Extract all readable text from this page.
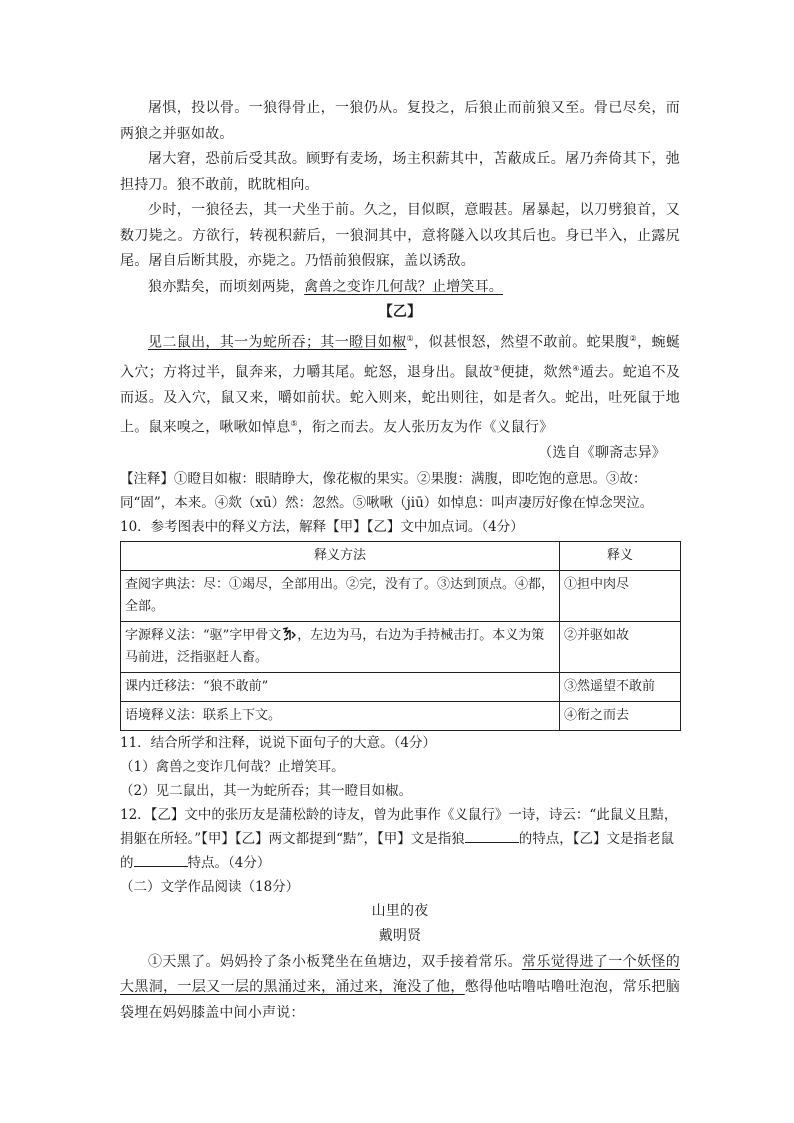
屠惧，投以骨。一狼得骨止，一狼仍从。复投之，后狼止而前狼又至。骨已尽矣，而两狼之并驱如故。

屠大窘，恐前后受其敌。顾野有麦场，场主积薪其中，苫蔽成丘。屠乃奔倚其下，弛担持刀。狼不敢前，眈眈相向。

少时，一狼径去，其一犬坐于前。久之，目似瞑，意暇甚。屠暴起，以刀劈狼首，又数刀毙之。方欲行，转视积薪后，一狼洞其中，意将隧入以攻其后也。身已半入，止露尻尾。屠自后断其股，亦毙之。乃悟前狼假寐，盖以诱敌。

狼亦黠矣，而顷刻两毙，禽兽之变诈几何哉？止增笑耳。

【乙】

见二鼠出，其一为蛇所吞；其一瞪目如椒①，似甚恨怒，然望不敢前。蛇果腹②，蜿蜒入穴；方将过半，鼠奔来，力嚼其尾。蛇怒，退身出。鼠故③便捷，欻然④遁去。蛇追不及而返。及入穴，鼠又来，嚼如前状。蛇入则来，蛇出则往，如是者久。蛇出，吐死鼠于地上。鼠来嗅之，啾啾如悼息⑤，衔之而去。友人张历友为作《义鼠行》

（选自《聊斋志异》

【注释】①瞪目如椒：眼睛睁大，像花椒的果实。②果腹：满腹，即吃饱的意思。③故：同“固”，本来。④欻（xū）然：忽然。⑤啾啾（jiū）如悼息：叫声凄厉好像在悼念哭泣。

10．参考图表中的释义方法，解释【甲】【乙】文中加点词。（4分）

释义方法	释义
查阅字典法：尽：①竭尽，全部用出。②完，没有了。③达到顶点。④都，全部。	①担中肉尽
字源释义法：“驱”字甲骨文 ，左边为马，右边为手持械击打。本义为策马前进，泛指驱赶人畜。	②并驱如故
课内迁移法：“狼不敢前”	③然遥望不敢前
语境释义法：联系上下文。	④衔之而去

11．结合所学和注释，说说下面句子的大意。（4分）

（1）禽兽之变诈几何哉？止增笑耳。

（2）见二鼠出，其一为蛇所吞；其一瞪目如椒。

12．【乙】文中的张历友是蒲松龄的诗友，曾为此事作《义鼠行》一诗，诗云：“此鼠义且黠，捐躯在所轻。”【甲】【乙】两文都提到“黠”，【甲】文是指狼	的特点，【乙】文是指老鼠的	特点。（4分）

（二）文学作品阅读（18分）

山里的夜

戴明贤

①天黑了。妈妈拎了条小板凳坐在鱼塘边，双手接着常乐。常乐觉得进了一个妖怪的大黑洞，一层又一层的黑涌过来，涌过来，淹没了他，憋得他咕噜咕噜吐泡泡，常乐把脑袋埋在妈妈膝盖中间小声说：
